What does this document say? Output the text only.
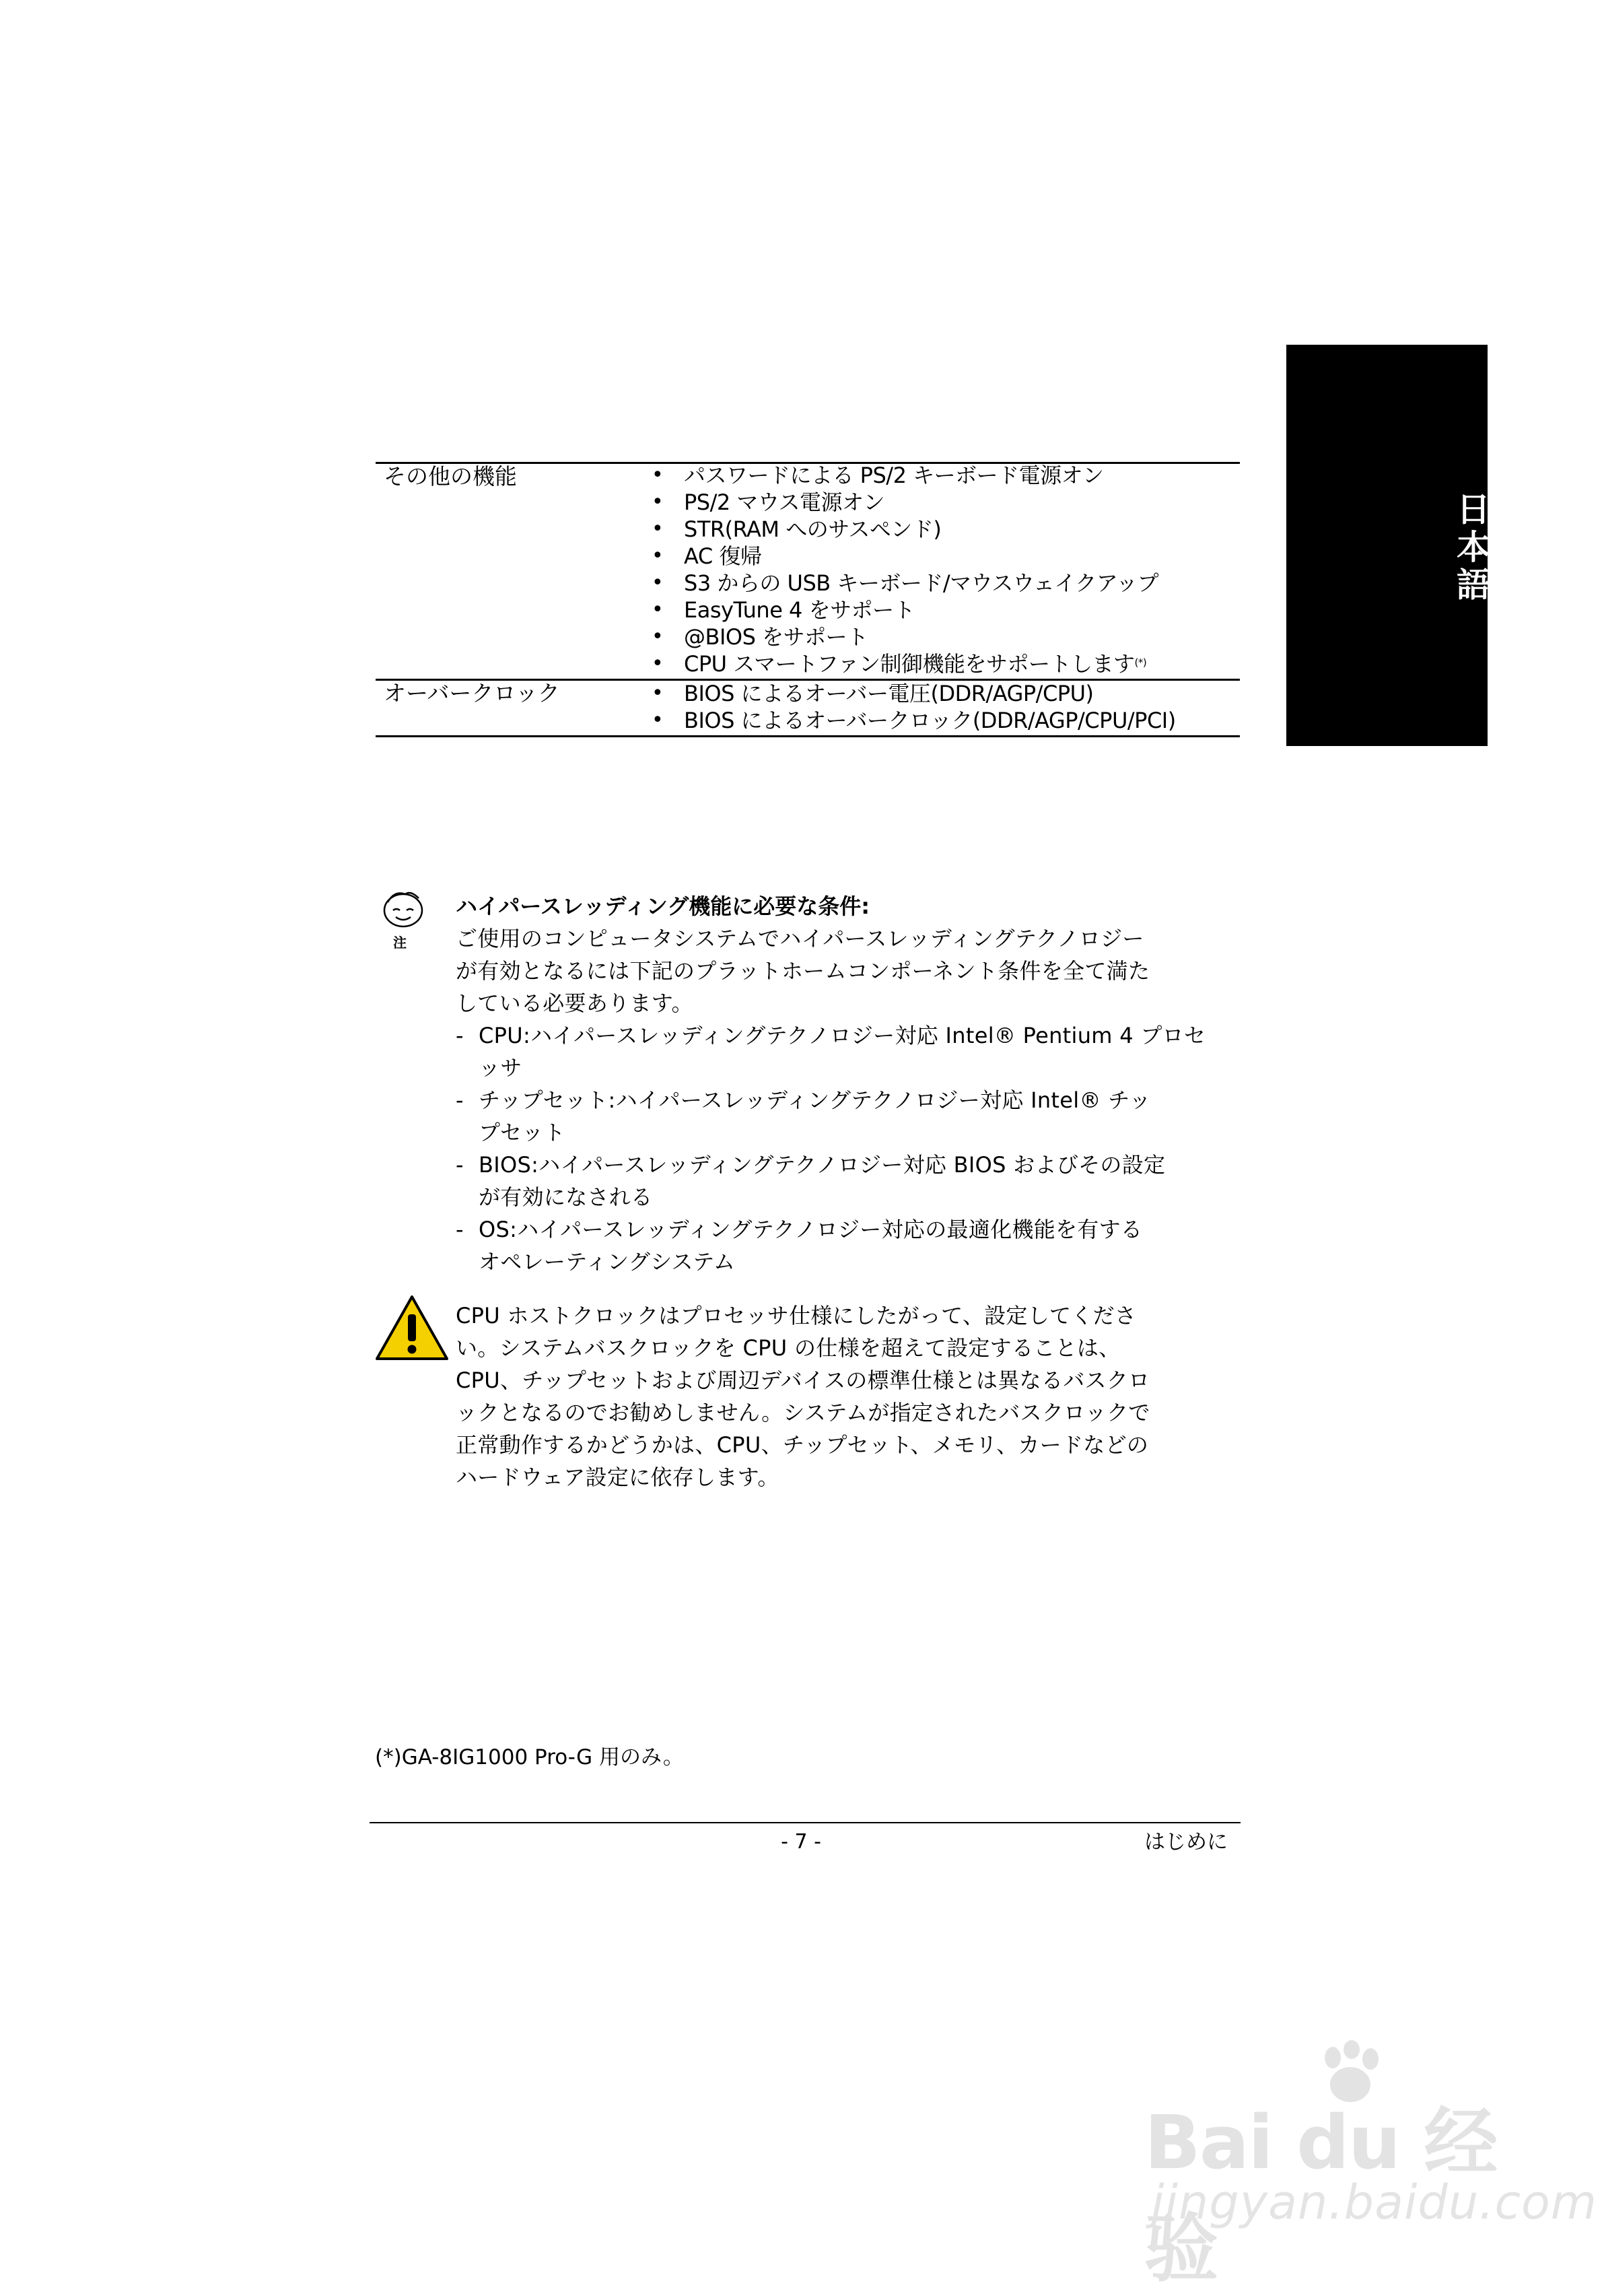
日本語
その他の機能	• パスワードによる PS/2 キーボード電源オン
• PS/2 マウス電源オン
• STR(RAM へのサスペンド)
• AC 復帰
• S3 からの USB キーボード/マウスウェイクアップ
• EasyTune 4 をサポート
• @BIOS をサポート
• CPU スマートファン制御機能をサポートします(*)
オーバークロック	• BIOS によるオーバー電圧(DDR/AGP/CPU)
• BIOS によるオーバークロック(DDR/AGP/CPU/PCI)
注
ハイパースレッディング機能に必要な条件:
ご使用のコンピュータシステムでハイパースレッディングテクノロジー
が有効となるには下記のプラットホームコンポーネント条件を全て満た
している必要あります。
- CPU:ハイパースレッディングテクノロジー対応 Intel® Pentium 4 プロセ
ッサ
- チップセット:ハイパースレッディングテクノロジー対応 Intel® チッ
プセット
- BIOS:ハイパースレッディングテクノロジー対応 BIOS およびその設定
が有効になされる
- OS:ハイパースレッディングテクノロジー対応の最適化機能を有する
オペレーティングシステム
CPU ホストクロックはプロセッサ仕様にしたがって、設定してくださ
い。システムバスクロックを CPU の仕様を超えて設定することは、
CPU、チップセットおよび周辺デバイスの標準仕様とは異なるバスクロ
ックとなるのでお勧めしません。システムが指定されたバスクロックで
正常動作するかどうかは、CPU、チップセット、メモリ、カードなどの
ハードウェア設定に依存します。
(*)GA-8IG1000 Pro-G 用のみ。
- 7 -	はじめに
Bai du 经验
jingyan.baidu.com
